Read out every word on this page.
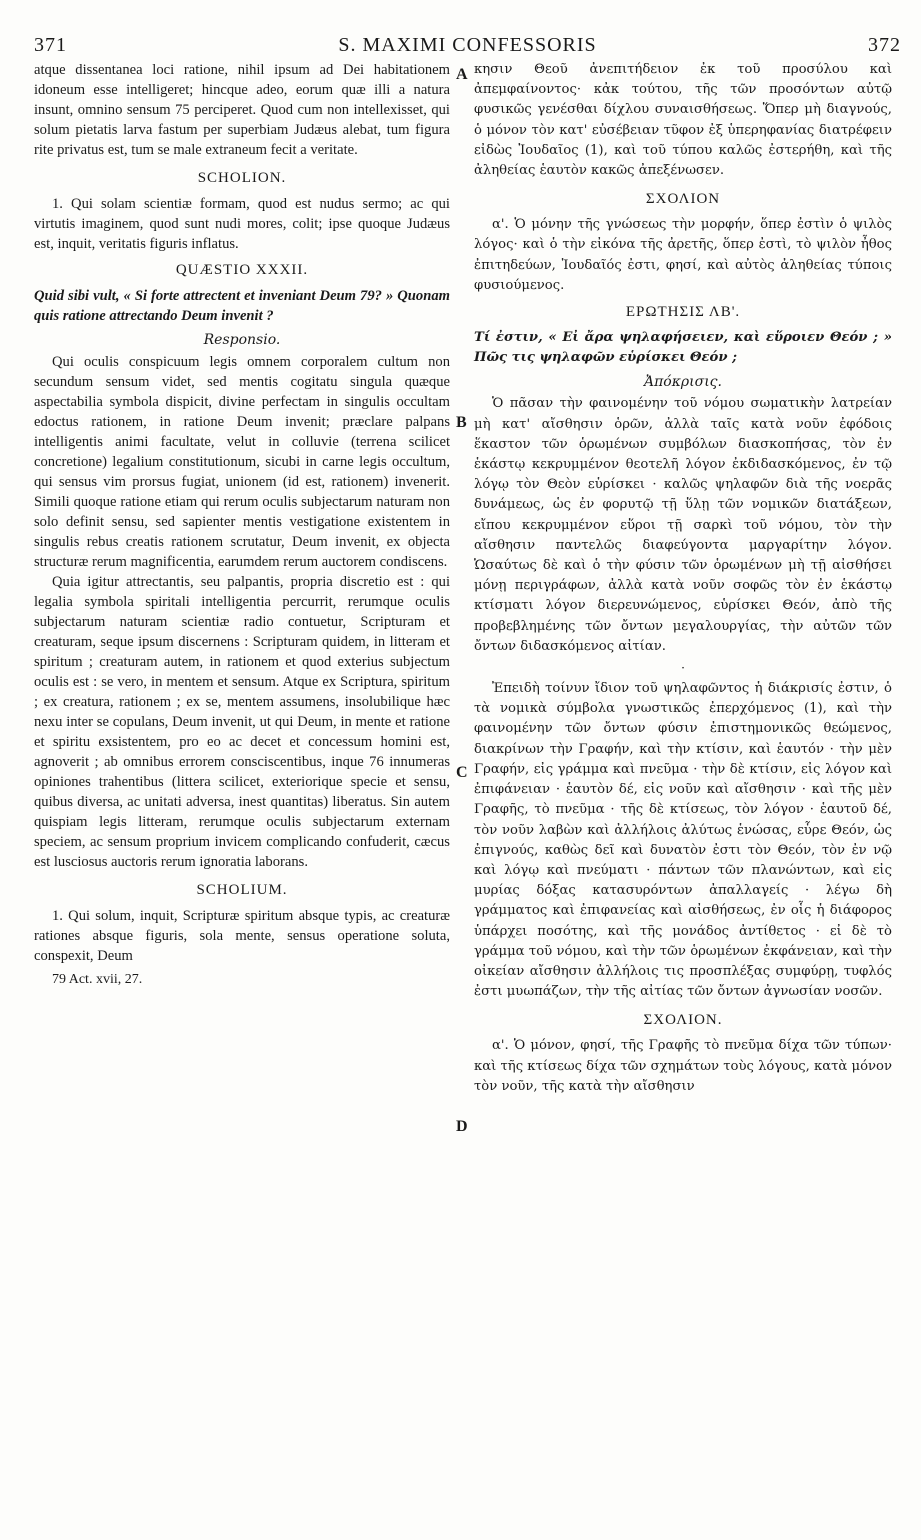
371	S. MAXIMI CONFESSORIS	372
A
B
C
D

atque dissentanea loci ratione, nihil ipsum ad Dei habitationem idoneum esse intelligeret; hincque adeo, eorum quæ illi a natura insunt, omnino sensum 75 perciperet. Quod cum non intellexisset, qui solum pietatis larva fastum per superbiam Judæus alebat, tum figura rite privatus est, tum se male extraneum fecit a veritate.

SCHOLION.

1. Qui solam scientiæ formam, quod est nudus sermo; ac qui virtutis imaginem, quod sunt nudi mores, colit; ipse quoque Judæus est, inquit, veritatis figuris inflatus.

QUÆSTIO XXXII.

Quid sibi vult, « Si forte attrectent et inveniant Deum 79? » Quonam quis ratione attrectando Deum invenit ?

Responsio.

Qui oculis conspicuum legis omnem corporalem cultum non secundum sensum videt, sed mentis cogitatu singula quæque aspectabilia symbola dispicit, divine perfectam in singulis occultam edoctus rationem, in ratione Deum invenit; præclare palpans intelligentis animi facultate, velut in colluvie (terrena scilicet concretione) legalium constitutionum, sicubi in carne legis occultum, qui sensus vim prorsus fugiat, unionem (id est, rationem) invenerit. Simili quoque ratione etiam qui rerum oculis subjectarum naturam non solo definit sensu, sed sapienter mentis vestigatione existentem in singulis rebus creatis rationem scrutatur, Deum invenit, ex objecta structuræ rerum magnificentia, earumdem rerum auctorem condiscens.

Quia igitur attrectantis, seu palpantis, propria discretio est : qui legalia symbola spiritali intelligentia percurrit, rerumque oculis subjectarum naturam scientiæ radio contuetur, Scripturam et creaturam, seque ipsum discernens : Scripturam quidem, in litteram et spiritum ; creaturam autem, in rationem et quod exterius subjectum oculis est : se vero, in mentem et sensum. Atque ex Scriptura, spiritum ; ex creatura, rationem ; ex se, mentem assumens, insolubilique hæc nexu inter se copulans, Deum invenit, ut qui Deum, in mente et ratione et spiritu exsistentem, pro eo ac decet et concessum homini est, agnoverit ; ab omnibus errorem consciscentibus, inque 76 innumeras opiniones trahentibus (littera scilicet, exteriorique specie et sensu, quibus diversa, ac unitati adversa, inest quantitas) liberatus. Sin autem quispiam legis litteram, rerumque oculis subjectarum externam speciem, ac sensum proprium invicem complicando confuderit, cæcus est lusciosus auctoris rerum ignoratia laborans.

SCHOLIUM.

1. Qui solum, inquit, Scripturæ spiritum absque typis, ac creaturæ rationes absque figuris, sola mente, sensus operatione soluta, conspexit, Deum

79 Act. xvii, 27.

κησιν Θεοῦ ἀνεπιτήδειον ἐκ τοῦ προσύλου καὶ ἀπεμφαίνοντος· κἀκ τούτου, τῆς τῶν προσόντων αὐτῷ φυσικῶς γενέσθαι δίχλου συναισθήσεως. Ὅπερ μὴ διαγνούς, ὁ μόνον τὸν κατ' εὐσέβειαν τῦφον ἐξ ὑπερηφανίας διατρέφειν εἰδὼς Ἰουδαῖος (1), καὶ τοῦ τύπου καλῶς ἐστερήθη, καὶ τῆς ἀληθείας ἑαυτὸν κακῶς ἀπεξένωσεν.

ΣΧΟΛΙΟΝ

α'. Ὁ μόνην τῆς γνώσεως τὴν μορφήν, ὅπερ ἐστὶν ὁ ψιλὸς λόγος· καὶ ὁ τὴν εἰκόνα τῆς ἀρετῆς, ὅπερ ἐστὶ, τὸ ψιλὸν ἦθος ἐπιτηδεύων, Ἰουδαῖός ἐστι, φησί, καὶ αὐτὸς ἀληθείας τύποις φυσιούμενος.

ΕΡΩΤΗΣΙΣ ΛΒ'.

Τί ἐστιν, « Εἰ ἄρα ψηλαφήσειεν, καὶ εὕροιεν Θεόν ; » Πῶς τις ψηλαφῶν εὑρίσκει Θεόν ;

Ἀπόκρισις.

Ὁ πᾶσαν τὴν φαινομένην τοῦ νόμου σωματικὴν λατρείαν μὴ κατ' αἴσθησιν ὁρῶν, ἀλλὰ ταῖς κατὰ νοῦν ἐφόδοις ἕκαστον τῶν ὁρωμένων συμβόλων διασκοπήσας, τὸν ἐν ἑκάστῳ κεκρυμμένον θεοτελῆ λόγον ἐκδιδασκόμενος, ἐν τῷ λόγῳ τὸν Θεὸν εὑρίσκει · καλῶς ψηλαφῶν διὰ τῆς νοερᾶς δυνάμεως, ὡς ἐν φορυτῷ τῇ ὕλῃ τῶν νομικῶν διατάξεων, εἴπου κεκρυμμένον εὕροι τῇ σαρκὶ τοῦ νόμου, τὸν τὴν αἴσθησιν παντελῶς διαφεύγοντα μαργαρίτην λόγον. Ὡσαύτως δὲ καὶ ὁ τὴν φύσιν τῶν ὁρωμένων μὴ τῇ αἰσθήσει μόνῃ περιγράφων, ἀλλὰ κατὰ νοῦν σοφῶς τὸν ἐν ἑκάστῳ κτίσματι λόγον διερευνώμενος, εὑρίσκει Θεόν, ἀπὸ τῆς προβεβλημένης τῶν ὄντων μεγαλουργίας, τὴν αὐτῶν τῶν ὄντων διδασκόμενος αἰτίαν.

·

Ἐπειδὴ τοίνυν ἴδιον τοῦ ψηλαφῶντος ἡ διάκρισίς ἐστιν, ὁ τὰ νομικὰ σύμβολα γνωστικῶς ἐπερχόμενος (1), καὶ τὴν φαινομένην τῶν ὄντων φύσιν ἐπιστημονικῶς θεώμενος, διακρίνων τὴν Γραφήν, καὶ τὴν κτίσιν, καὶ ἑαυτόν · τὴν μὲν Γραφήν, εἰς γράμμα καὶ πνεῦμα · τὴν δὲ κτίσιν, εἰς λόγον καὶ ἐπιφάνειαν · ἑαυτὸν δέ, εἰς νοῦν καὶ αἴσθησιν · καὶ τῆς μὲν Γραφῆς, τὸ πνεῦμα · τῆς δὲ κτίσεως, τὸν λόγον · ἑαυτοῦ δέ, τὸν νοῦν λαβὼν καὶ ἀλλήλοις ἀλύτως ἑνώσας, εὗρε Θεόν, ὡς ἐπιγνούς, καθὼς δεῖ καὶ δυνατὸν ἐστι τὸν Θεόν, τὸν ἐν νῷ καὶ λόγῳ καὶ πνεύματι · πάντων τῶν πλανώντων, καὶ εἰς μυρίας δόξας κατασυρόντων ἀπαλλαγείς · λέγω δὴ γράμματος καὶ ἐπιφανείας καὶ αἰσθήσεως, ἐν οἷς ἡ διάφορος ὑπάρχει ποσότης, καὶ τῆς μονάδος ἀντίθετος · εἰ δὲ τὸ γράμμα τοῦ νόμου, καὶ τὴν τῶν ὁρωμένων ἐκφάνειαν, καὶ τὴν οἰκείαν αἴσθησιν ἀλλήλοις τις προσπλέξας συμφύρῃ, τυφλός ἐστι μυωπάζων, τὴν τῆς αἰτίας τῶν ὄντων ἀγνωσίαν νοσῶν.

ΣΧΟΛΙΟΝ.

α'. Ὁ μόνον, φησί, τῆς Γραφῆς τὸ πνεῦμα δίχα τῶν τύπων· καὶ τῆς κτίσεως δίχα τῶν σχημάτων τοὺς λόγους, κατὰ μόνον τὸν νοῦν, τῆς κατὰ τὴν αἴσθησιν
